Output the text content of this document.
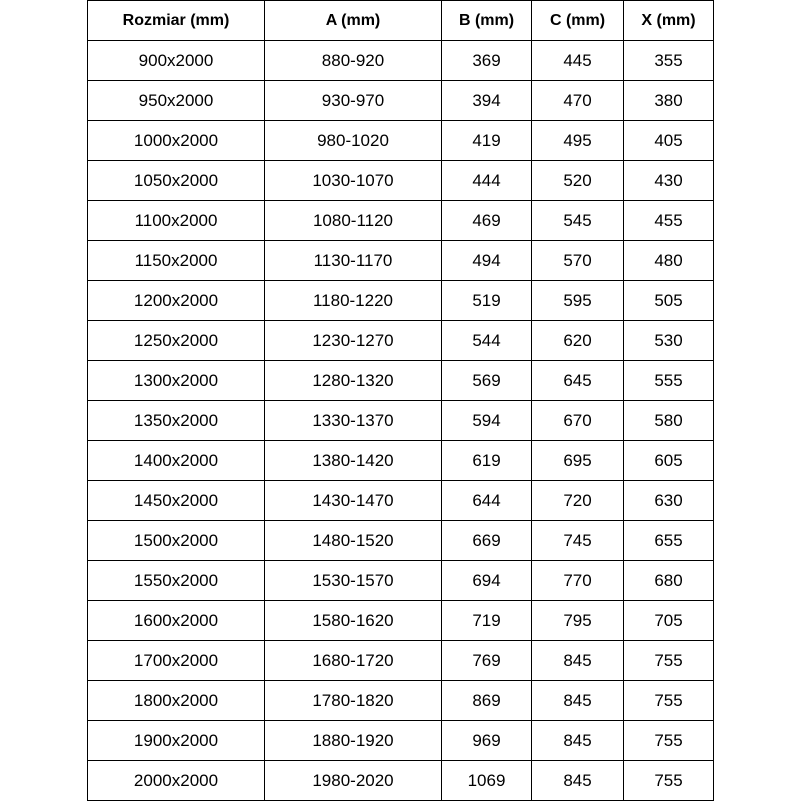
Rozmiar (mm)	A (mm)	B (mm)	C (mm)	X (mm)
900x2000	880-920	369	445	355
950x2000	930-970	394	470	380
1000x2000	980-1020	419	495	405
1050x2000	1030-1070	444	520	430
1100x2000	1080-1120	469	545	455
1150x2000	1130-1170	494	570	480
1200x2000	1180-1220	519	595	505
1250x2000	1230-1270	544	620	530
1300x2000	1280-1320	569	645	555
1350x2000	1330-1370	594	670	580
1400x2000	1380-1420	619	695	605
1450x2000	1430-1470	644	720	630
1500x2000	1480-1520	669	745	655
1550x2000	1530-1570	694	770	680
1600x2000	1580-1620	719	795	705
1700x2000	1680-1720	769	845	755
1800x2000	1780-1820	869	845	755
1900x2000	1880-1920	969	845	755
2000x2000	1980-2020	1069	845	755
